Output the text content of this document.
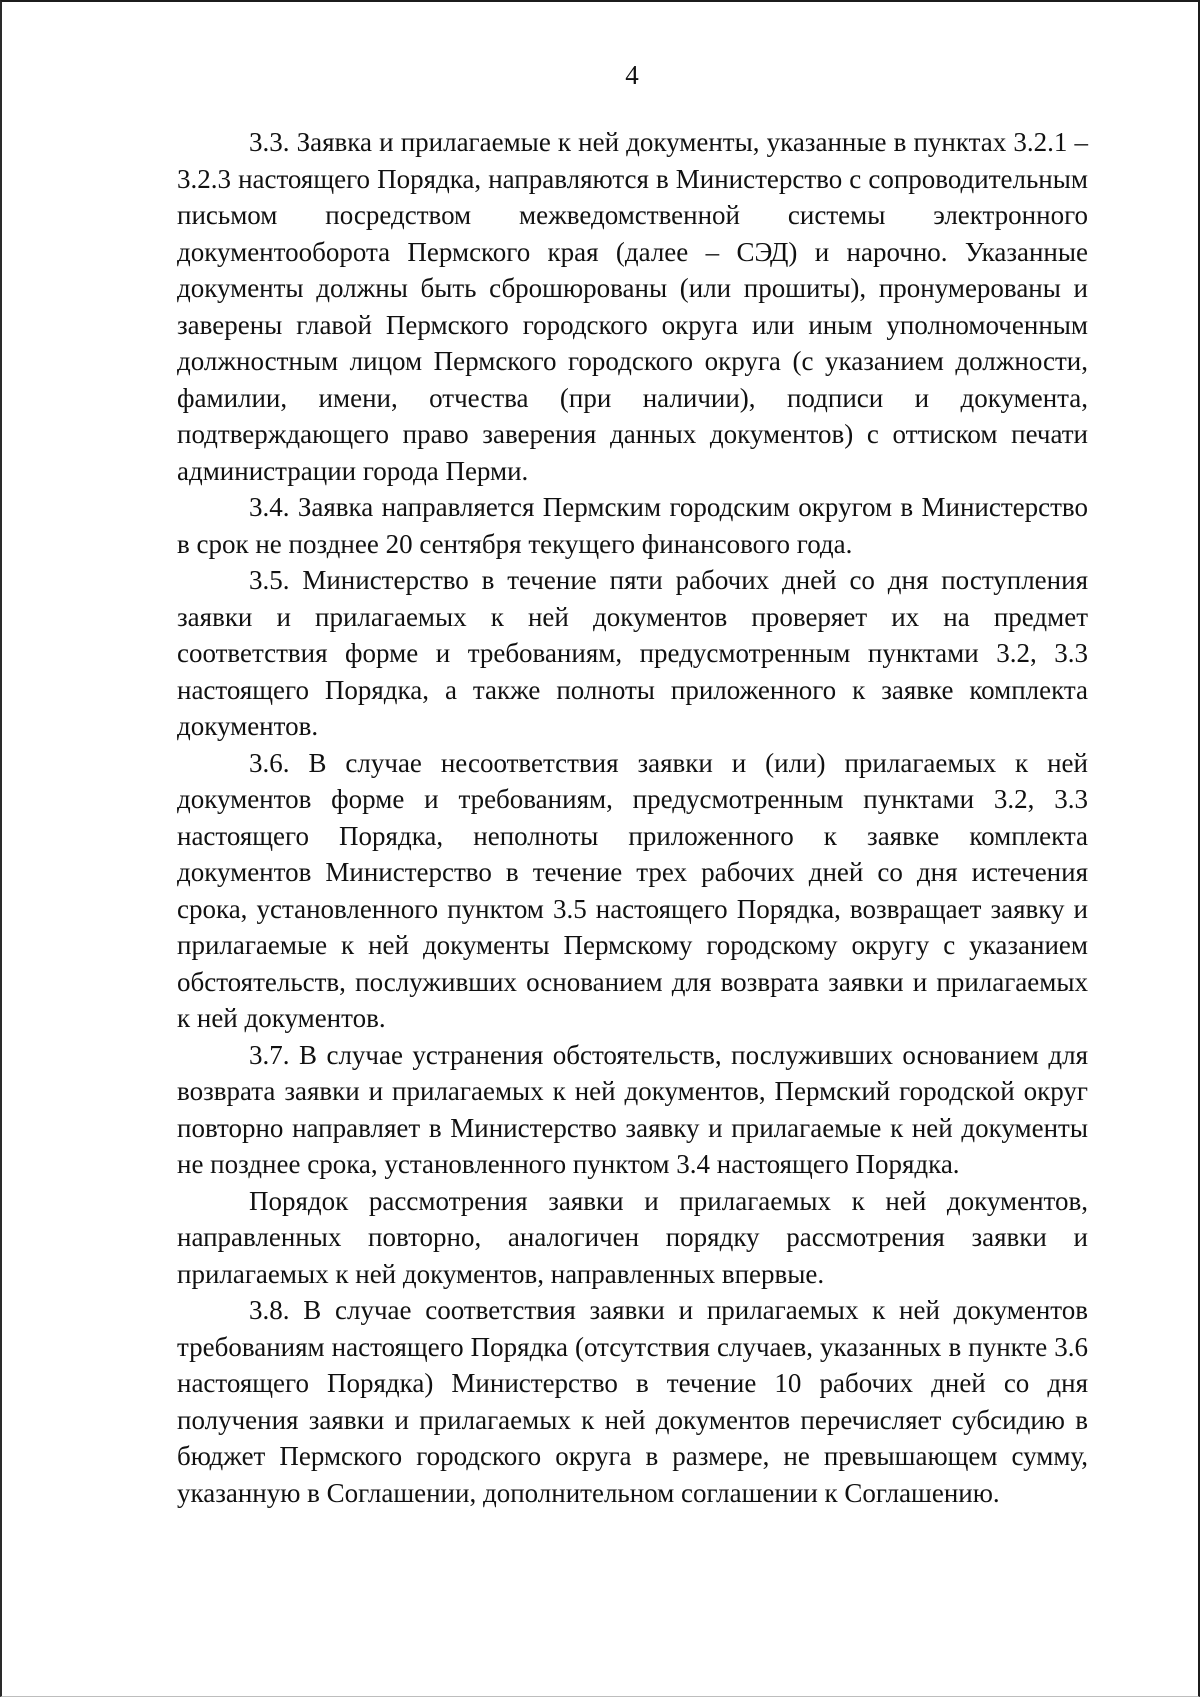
4

3.3. Заявка и прилагаемые к ней документы, указанные в пунктах 3.2.1 – 3.2.3 настоящего Порядка, направляются в Министерство с сопроводительным письмом посредством межведомственной системы электронного документооборота Пермского края (далее – СЭД) и нарочно. Указанные документы должны быть сброшюрованы (или прошиты), пронумерованы и заверены главой Пермского городского округа или иным уполномоченным должностным лицом Пермского городского округа (с указанием должности, фамилии, имени, отчества (при наличии), подписи и документа, подтверждающего право заверения данных документов) с оттиском печати администрации города Перми.

3.4. Заявка направляется Пермским городским округом в Министерство в срок не позднее 20 сентября текущего финансового года.

3.5. Министерство в течение пяти рабочих дней со дня поступления заявки и прилагаемых к ней документов проверяет их на предмет соответствия форме и требованиям, предусмотренным пунктами 3.2, 3.3 настоящего Порядка, а также полноты приложенного к заявке комплекта документов.

3.6. В случае несоответствия заявки и (или) прилагаемых к ней документов форме и требованиям, предусмотренным пунктами 3.2, 3.3 настоящего Порядка, неполноты приложенного к заявке комплекта документов Министерство в течение трех рабочих дней со дня истечения срока, установленного пунктом 3.5 настоящего Порядка, возвращает заявку и прилагаемые к ней документы Пермскому городскому округу с указанием обстоятельств, послуживших основанием для возврата заявки и прилагаемых к ней документов.

3.7. В случае устранения обстоятельств, послуживших основанием для возврата заявки и прилагаемых к ней документов, Пермский городской округ повторно направляет в Министерство заявку и прилагаемые к ней документы не позднее срока, установленного пунктом 3.4 настоящего Порядка.

Порядок рассмотрения заявки и прилагаемых к ней документов, направленных повторно, аналогичен порядку рассмотрения заявки и прилагаемых к ней документов, направленных впервые.

3.8. В случае соответствия заявки и прилагаемых к ней документов требованиям настоящего Порядка (отсутствия случаев, указанных в пункте 3.6 настоящего Порядка) Министерство в течение 10 рабочих дней со дня получения заявки и прилагаемых к ней документов перечисляет субсидию в бюджет Пермского городского округа в размере, не превышающем сумму, указанную в Соглашении, дополнительном соглашении к Соглашению.
